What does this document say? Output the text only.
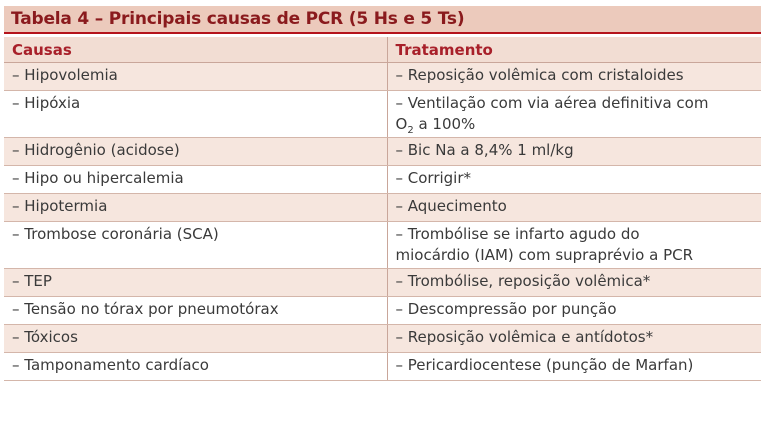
Tabela 4 – Principais causas de PCR (5 Hs e 5 Ts)
Causas	Tratamento
– Hipovolemia	– Reposição volêmica com cristaloides
– Hipóxia	– Ventilação com via aérea definitiva com
$O_2$ a 100%
– Hidrogênio (acidose)	– Bic Na a 8,4% 1 ml/kg
– Hipo ou hipercalemia	– Corrigir*
– Hipotermia	– Aquecimento
– Trombose coronária (SCA)	– Trombólise se infarto agudo do
miocárdio (IAM) com supraprévio a PCR
– TEP	– Trombólise, reposição volêmica*
– Tensão no tórax por pneumotórax	– Descompressão por punção
– Tóxicos	– Reposição volêmica e antídotos*
– Tamponamento cardíaco	– Pericardiocentese (punção de Marfan)
